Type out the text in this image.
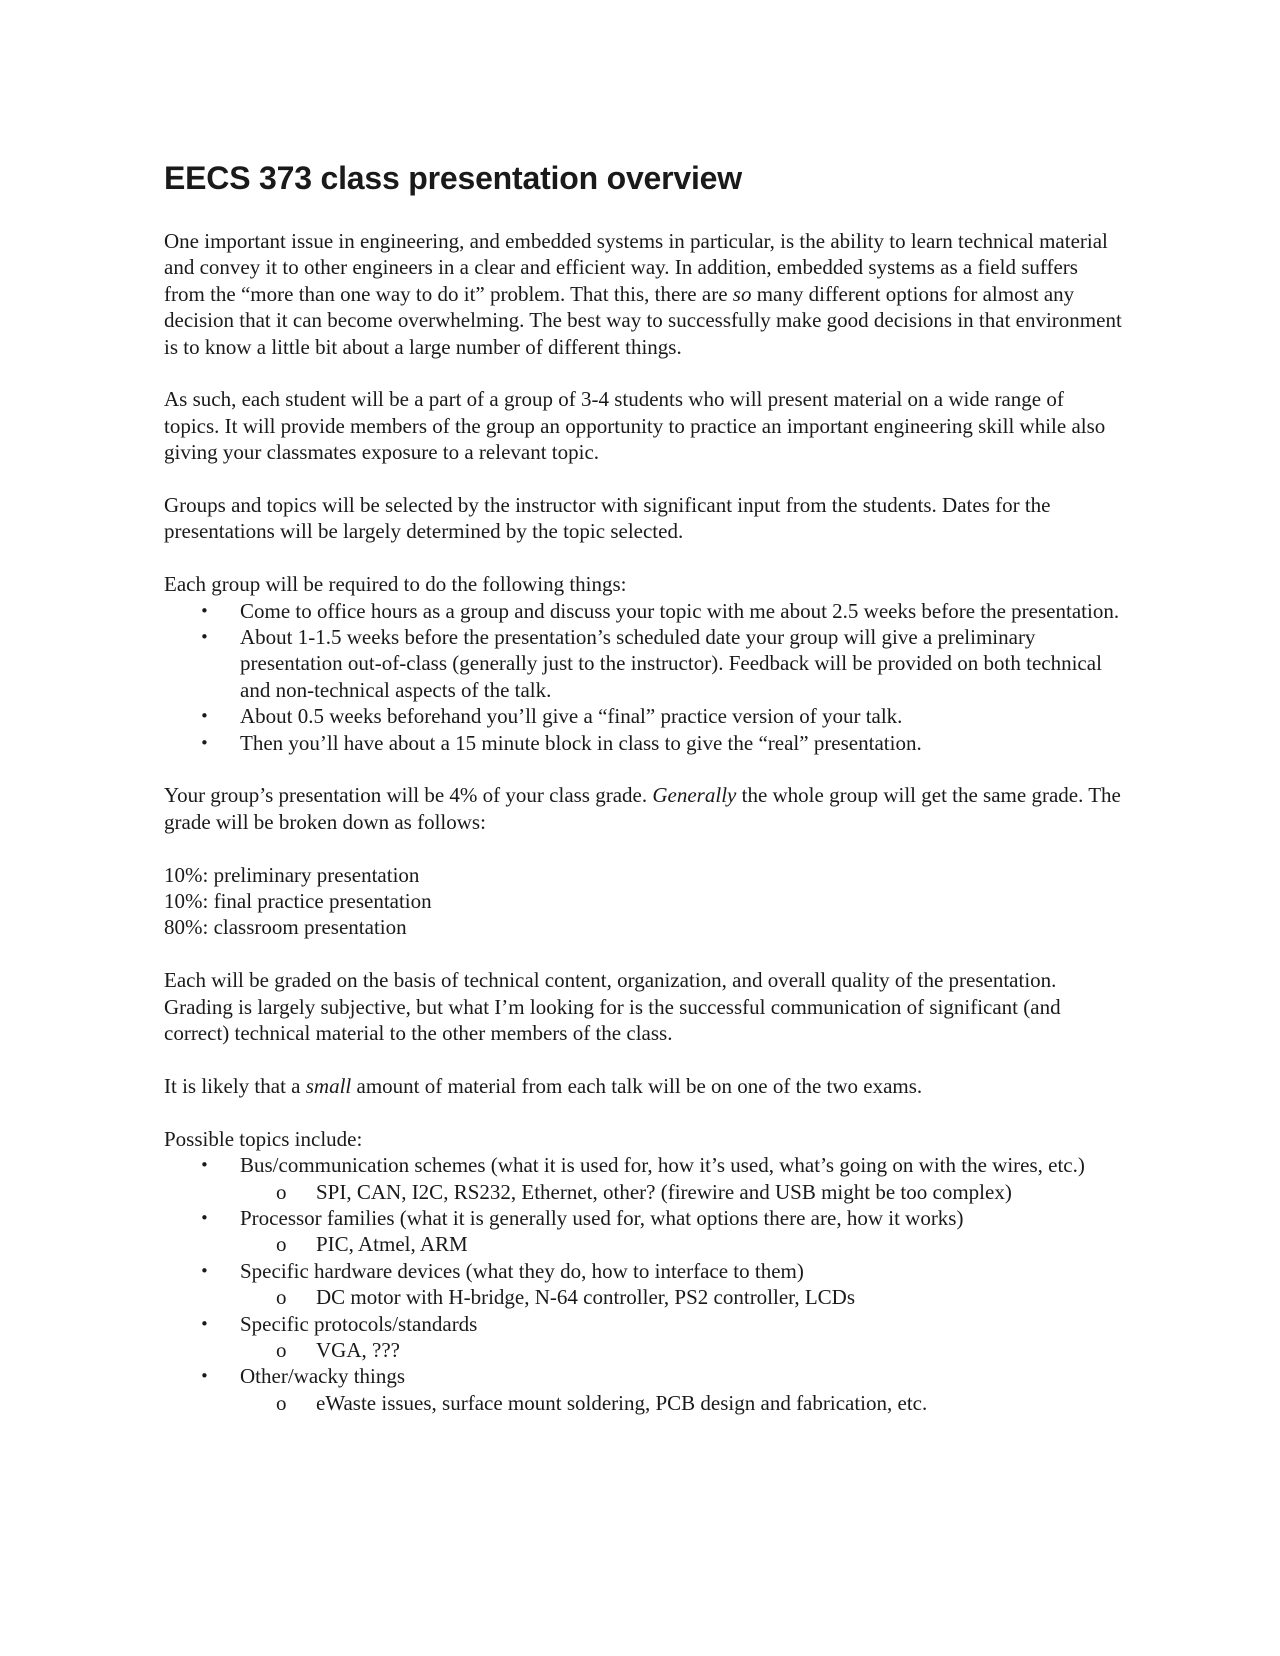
EECS 373 class presentation overview

One important issue in engineering, and embedded systems in particular, is the ability to learn technical material and convey it to other engineers in a clear and efficient way. In addition, embedded systems as a field suffers from the “more than one way to do it” problem. That this, there are so many different options for almost any decision that it can become overwhelming. The best way to successfully make good decisions in that environment is to know a little bit about a large number of different things.

As such, each student will be a part of a group of 3-4 students who will present material on a wide range of topics. It will provide members of the group an opportunity to practice an important engineering skill while also giving your classmates exposure to a relevant topic.

Groups and topics will be selected by the instructor with significant input from the students. Dates for the presentations will be largely determined by the topic selected.

Each group will be required to do the following things:

• Come to office hours as a group and discuss your topic with me about 2.5 weeks before the presentation.
• About 1-1.5 weeks before the presentation’s scheduled date your group will give a preliminary presentation out-of-class (generally just to the instructor). Feedback will be provided on both technical and non-technical aspects of the talk.
• About 0.5 weeks beforehand you’ll give a “final” practice version of your talk.
• Then you’ll have about a 15 minute block in class to give the “real” presentation.

Your group’s presentation will be 4% of your class grade. Generally the whole group will get the same grade. The grade will be broken down as follows:

10%: preliminary presentation
10%: final practice presentation
80%: classroom presentation

Each will be graded on the basis of technical content, organization, and overall quality of the presentation. Grading is largely subjective, but what I’m looking for is the successful communication of significant (and correct) technical material to the other members of the class.

It is likely that a small amount of material from each talk will be on one of the two exams.

Possible topics include:

• Bus/communication schemes (what it is used for, how it’s used, what’s going on with the wires, etc.)
o SPI, CAN, I2C, RS232, Ethernet, other? (firewire and USB might be too complex)
• Processor families (what it is generally used for, what options there are, how it works)
o PIC, Atmel, ARM
• Specific hardware devices (what they do, how to interface to them)
o DC motor with H-bridge, N-64 controller, PS2 controller, LCDs
• Specific protocols/standards
o VGA, ???
• Other/wacky things
o eWaste issues, surface mount soldering, PCB design and fabrication, etc.
